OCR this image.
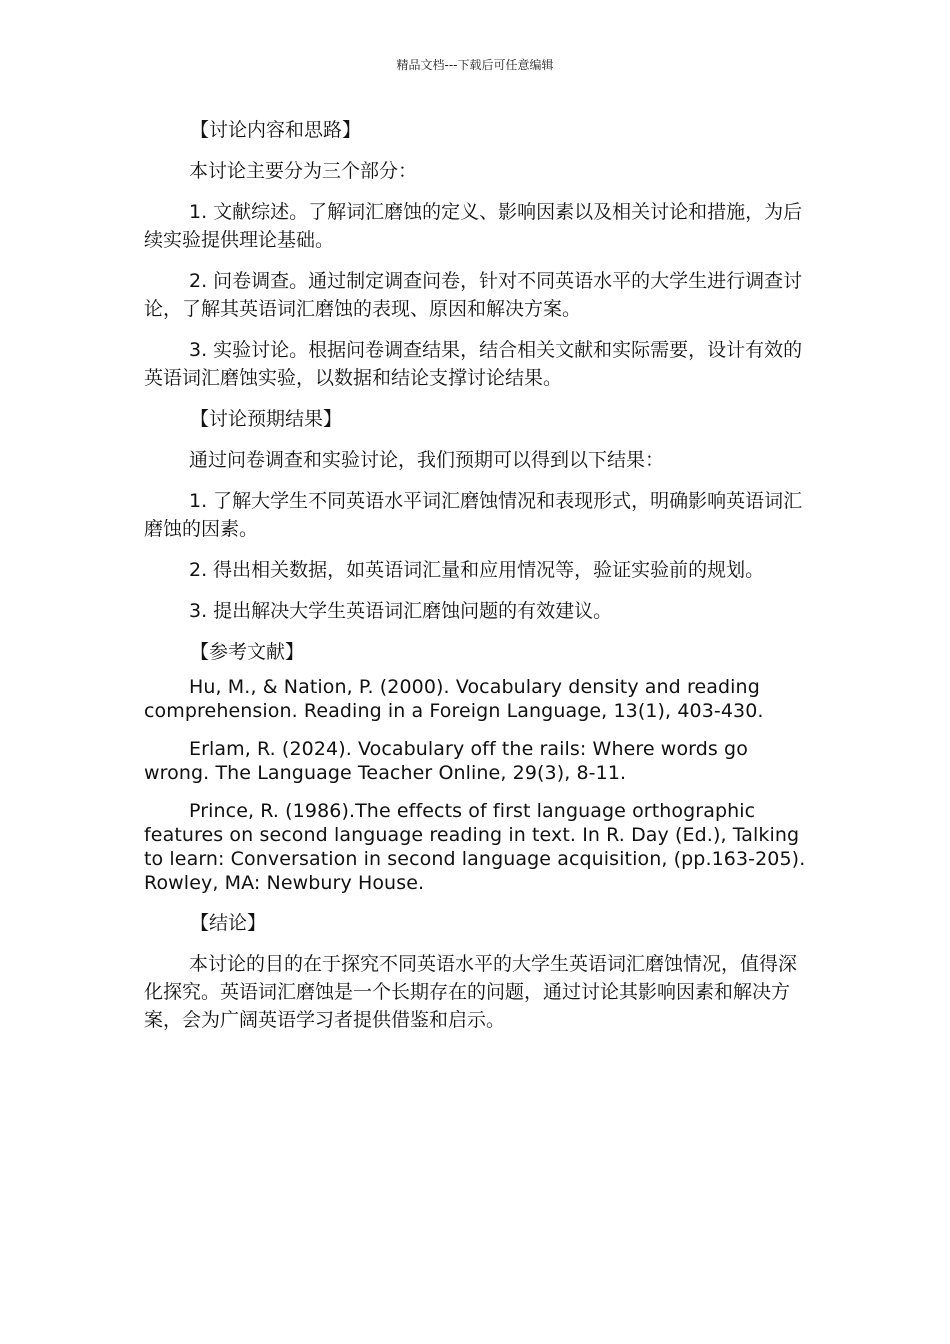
精品文档---下载后可任意编辑

【讨论内容和思路】

本讨论主要分为三个部分：

1. 文献综述。了解词汇磨蚀的定义、影响因素以及相关讨论和措施，为后续实验提供理论基础。

2. 问卷调查。通过制定调查问卷，针对不同英语水平的大学生进行调查讨论，了解其英语词汇磨蚀的表现、原因和解决方案。

3. 实验讨论。根据问卷调查结果，结合相关文献和实际需要，设计有效的英语词汇磨蚀实验，以数据和结论支撑讨论结果。

【讨论预期结果】

通过问卷调查和实验讨论，我们预期可以得到以下结果：

1. 了解大学生不同英语水平词汇磨蚀情况和表现形式，明确影响英语词汇磨蚀的因素。

2. 得出相关数据，如英语词汇量和应用情况等，验证实验前的规划。

3. 提出解决大学生英语词汇磨蚀问题的有效建议。

【参考文献】

Hu, M., & Nation, P. (2000). Vocabulary density and reading comprehension. Reading in a Foreign Language, 13(1), 403-430.

Erlam, R. (2024). Vocabulary off the rails: Where words go wrong. The Language Teacher Online, 29(3), 8-11.

Prince, R. (1986).The effects of first language orthographic features on second language reading in text. In R. Day (Ed.), Talking to learn: Conversation in second language acquisition, (pp.163-205). Rowley, MA: Newbury House.

【结论】

本讨论的目的在于探究不同英语水平的大学生英语词汇磨蚀情况，值得深化探究。英语词汇磨蚀是一个长期存在的问题，通过讨论其影响因素和解决方案，会为广阔英语学习者提供借鉴和启示。
